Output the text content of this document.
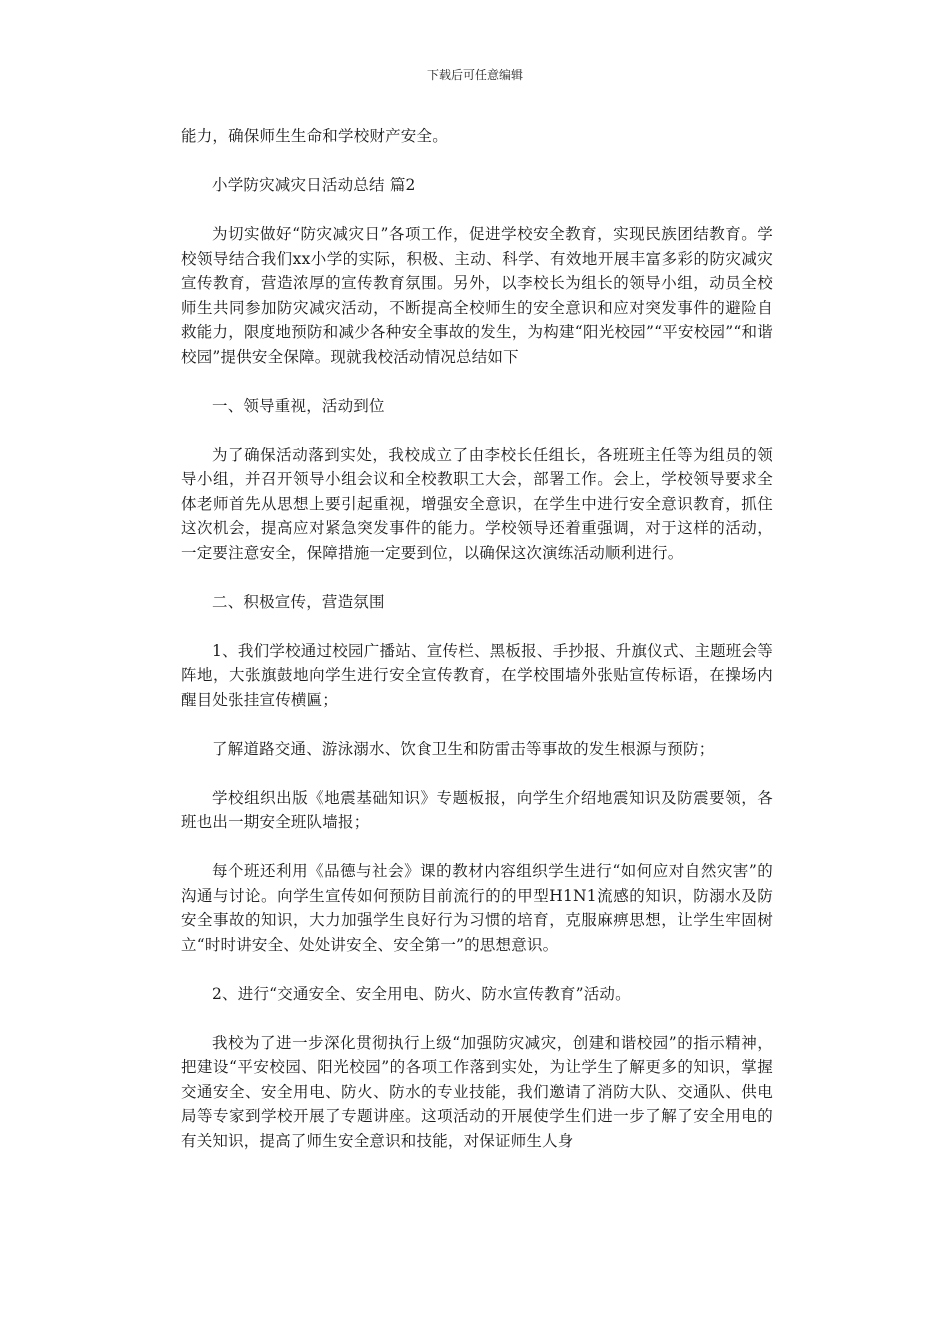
下载后可任意编辑

能力，确保师生生命和学校财产安全。

小学防灾减灾日活动总结 篇2

为切实做好“防灾减灾日”各项工作，促进学校安全教育，实现民族团结教育。学校领导结合我们xx小学的实际，积极、主动、科学、有效地开展丰富多彩的防灾减灾宣传教育，营造浓厚的宣传教育氛围。另外，以李校长为组长的领导小组，动员全校师生共同参加防灾减灾活动，不断提高全校师生的安全意识和应对突发事件的避险自救能力，限度地预防和减少各种安全事故的发生，为构建“阳光校园”“平安校园”“和谐校园”提供安全保障。现就我校活动情况总结如下

一、领导重视，活动到位

为了确保活动落到实处，我校成立了由李校长任组长，各班班主任等为组员的领导小组，并召开领导小组会议和全校教职工大会，部署工作。会上，学校领导要求全体老师首先从思想上要引起重视，增强安全意识，在学生中进行安全意识教育，抓住这次机会，提高应对紧急突发事件的能力。学校领导还着重强调，对于这样的活动，一定要注意安全，保障措施一定要到位，以确保这次演练活动顺利进行。

二、积极宣传，营造氛围

1、我们学校通过校园广播站、宣传栏、黑板报、手抄报、升旗仪式、主题班会等阵地，大张旗鼓地向学生进行安全宣传教育，在学校围墙外张贴宣传标语，在操场内醒目处张挂宣传横匾；

了解道路交通、游泳溺水、饮食卫生和防雷击等事故的发生根源与预防；

学校组织出版《地震基础知识》专题板报，向学生介绍地震知识及防震要领，各班也出一期安全班队墙报；

每个班还利用《品德与社会》课的教材内容组织学生进行“如何应对自然灾害”的沟通与讨论。向学生宣传如何预防目前流行的的甲型H1N1流感的知识，防溺水及防安全事故的知识，大力加强学生良好行为习惯的培育，克服麻痹思想，让学生牢固树立“时时讲安全、处处讲安全、安全第一”的思想意识。

2、进行“交通安全、安全用电、防火、防水宣传教育”活动。

我校为了进一步深化贯彻执行上级“加强防灾减灾，创建和谐校园”的指示精神，把建设“平安校园、阳光校园”的各项工作落到实处，为让学生了解更多的知识，掌握交通安全、安全用电、防火、防水的专业技能，我们邀请了消防大队、交通队、供电局等专家到学校开展了专题讲座。这项活动的开展使学生们进一步了解了安全用电的有关知识，提高了师生安全意识和技能，对保证师生人身
